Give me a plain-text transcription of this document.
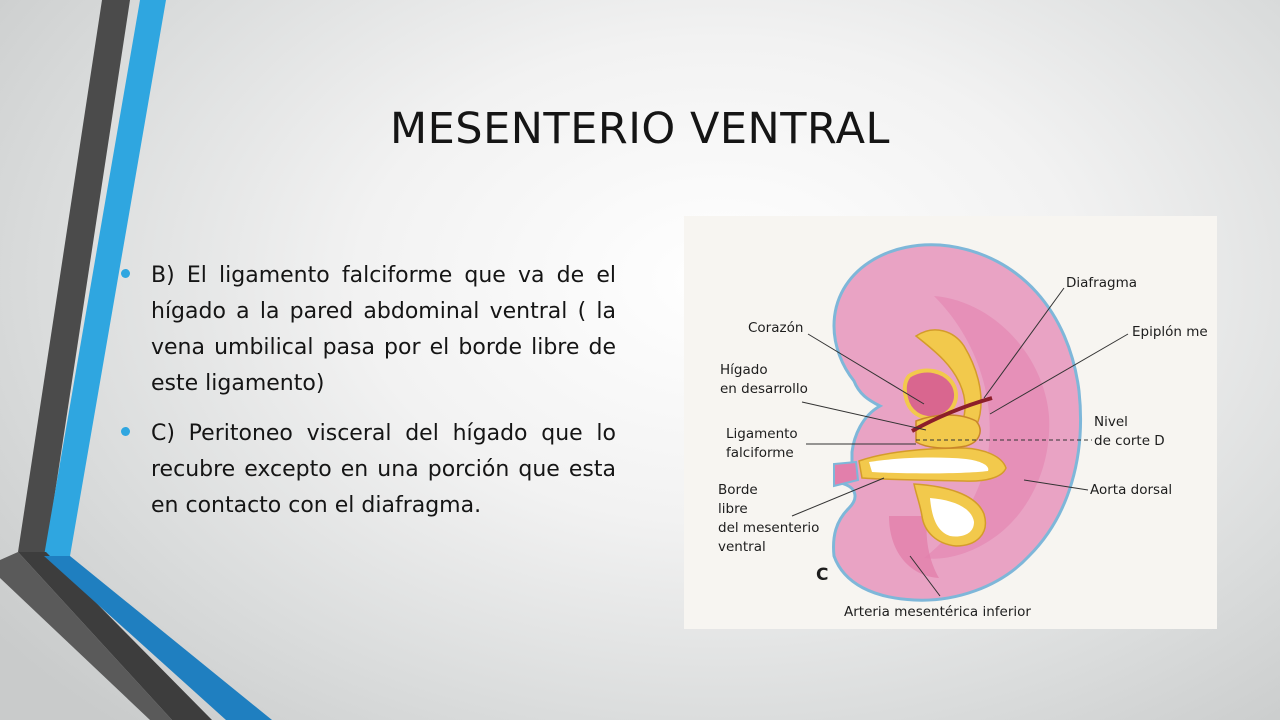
MESENTERIO VENTRAL
B) El ligamento falciforme que va de el hígado a la pared abdominal ventral ( la vena umbilical pasa por el borde libre de este ligamento)
C) Peritoneo visceral del hígado que lo recubre excepto en una porción que esta en contacto con el diafragma.
Diafragma
Corazón	Epiplón me
Hígado
en desarrollo
Nivel
de corte D
Ligamento
falciforme
Aorta dorsal
Borde
libre
del mesenterio
ventral
C
Arteria mesentérica inferior
